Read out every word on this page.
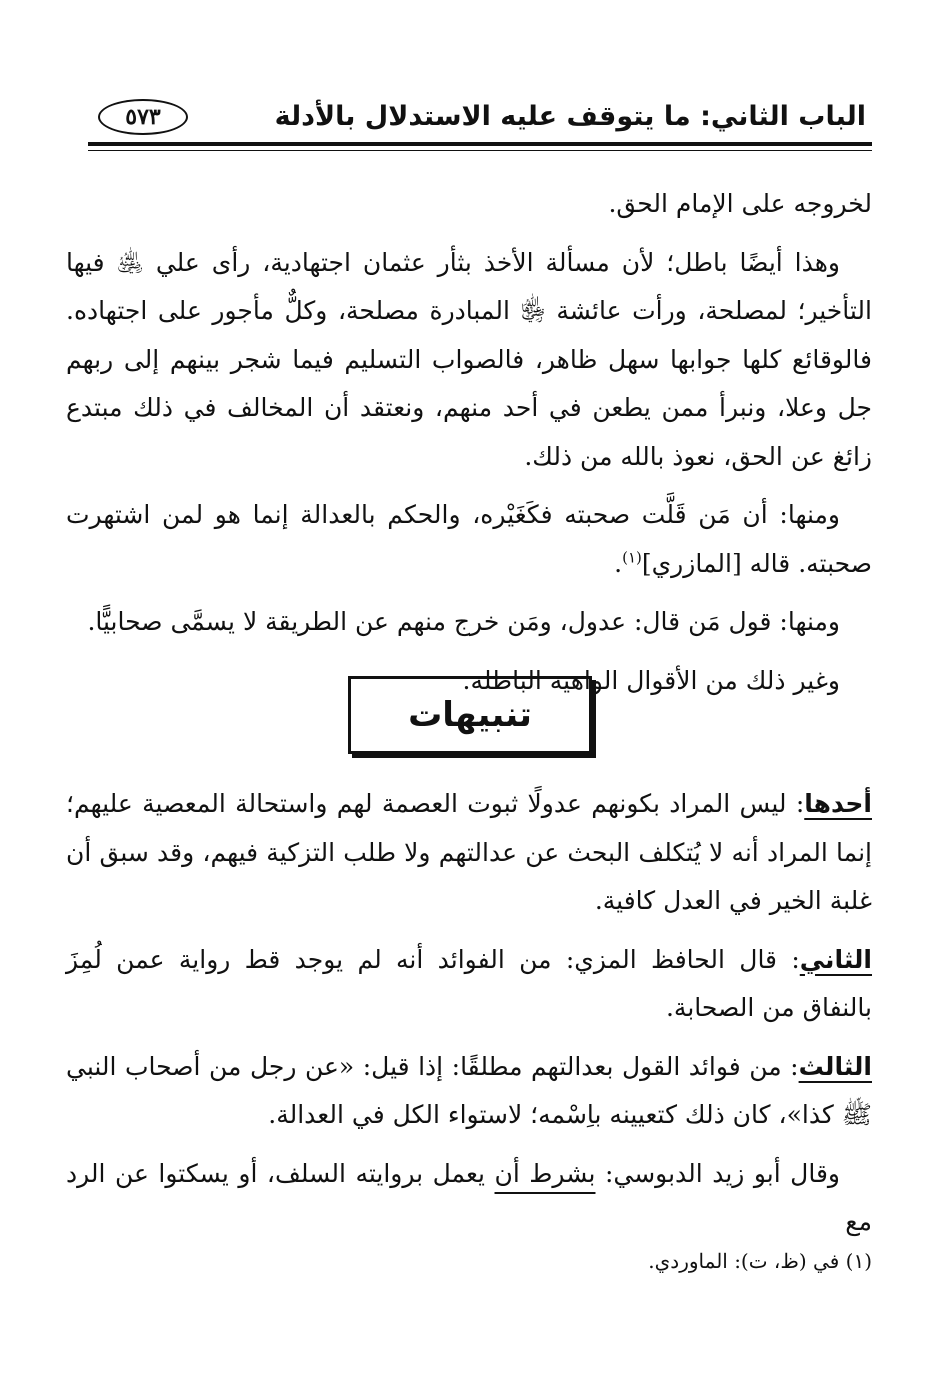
الباب الثاني: ما يتوقف عليه الاستدلال بالأدلة
٥٧٣

لخروجه على الإمام الحق.

وهذا أيضًا باطل؛ لأن مسألة الأخذ بثأر عثمان اجتهادية، رأى علي ﵁ فيها التأخير؛ لمصلحة، ورأت عائشة ﵂ المبادرة مصلحة، وكلٌّ مأجور على اجتهاده. فالوقائع كلها جوابها سهل ظاهر، فالصواب التسليم فيما شجر بينهم إلى ربهم جل وعلا، ونبرأ ممن يطعن في أحد منهم، ونعتقد أن المخالف في ذلك مبتدع زائغ عن الحق، نعوذ بالله من ذلك.

ومنها: أن مَن قَلَّت صحبته فكَغَيْره، والحكم بالعدالة إنما هو لمن اشتهرت صحبته. قاله [المازري]$^{(١)}$.

ومنها: قول مَن قال: عدول، ومَن خرج منهم عن الطريقة لا يسمَّى صحابيًّا.

وغير ذلك من الأقوال الواهية الباطلة.

تنبيهات

أحدها: ليس المراد بكونهم عدولًا ثبوت العصمة لهم واستحالة المعصية عليهم؛ إنما المراد أنه لا يُتكلف البحث عن عدالتهم ولا طلب التزكية فيهم، وقد سبق أن غلبة الخير في العدل كافية.

الثاني: قال الحافظ المزي: من الفوائد أنه لم يوجد قط رواية عمن لُمِزَ بالنفاق من الصحابة.

الثالث: من فوائد القول بعدالتهم مطلقًا: إذا قيل: «عن رجل من أصحاب النبي ﷺ كذا»، كان ذلك كتعيينه باِسْمه؛ لاستواء الكل في العدالة.

وقال أبو زيد الدبوسي: بشرط أن يعمل بروايته السلف، أو يسكتوا عن الرد مع

(١) في (ظ، ت): الماوردي.
